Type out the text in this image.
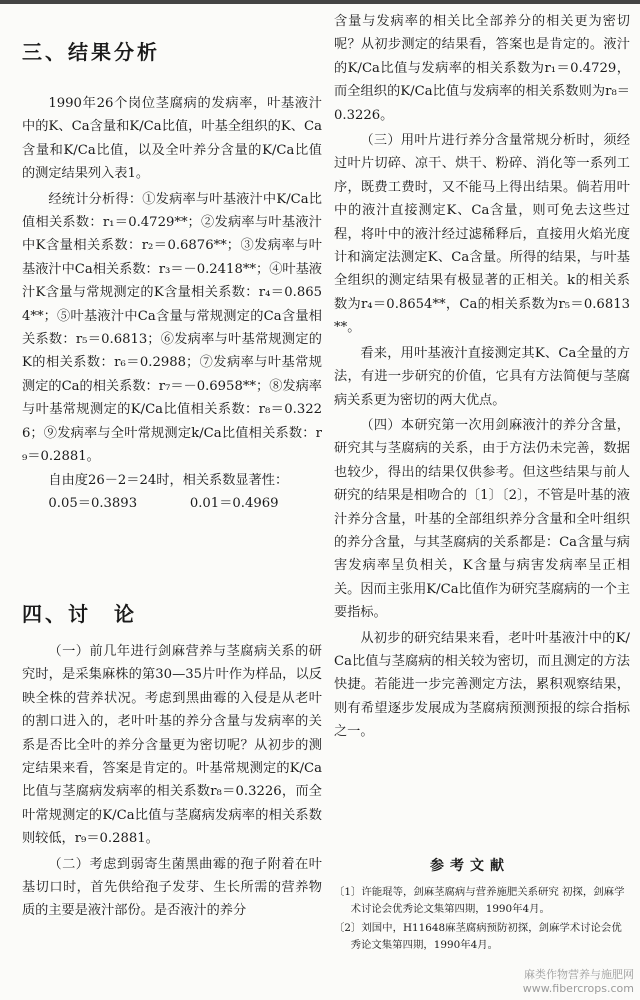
三、结果分析

1990年26个岗位茎腐病的发病率，叶基液汁中的K、Ca含量和K/Ca比值，叶基全组织的K、Ca含量和K/Ca比值，以及全叶养分含量的K/Ca比值的测定结果列入表1。

经统计分析得：①发病率与叶基液汁中K/Ca比值相关系数：r₁＝0.4729**；②发病率与叶基液汁中K含量相关系数：r₂＝0.6876**；③发病率与叶基液汁中Ca相关系数：r₃＝－0.2418**；④叶基液汁K含量与常规测定的K含量相关系数：r₄＝0.8654**；⑤叶基液汁中Ca含量与常规测定的Ca含量相关系数：r₅＝0.6813；⑥发病率与叶基常规测定的K的相关系数：r₆＝0.2988；⑦发病率与叶基常规测定的Ca的相关系数：r₇＝－0.6958**；⑧发病率与叶基常规测定的K/Ca比值相关系数：r₈＝0.3226；⑨发病率与全叶常规测定k/Ca比值相关系数：r₉＝0.2881。

自由度26－2＝24时，相关系数显著性：

0.05＝0.3893　　　　0.01＝0.4969

四、讨　论

（一）前几年进行剑麻营养与茎腐病关系的研究时，是采集麻株的第30—35片叶作为样品，以反映全株的营养状况。考虑到黑曲霉的入侵是从老叶的割口进入的，老叶叶基的养分含量与发病率的关系是否比全叶的养分含量更为密切呢？从初步的测定结果来看，答案是肯定的。叶基常规测定的K/Ca比值与茎腐病发病率的相关系数r₈＝0.3226，而全叶常规测定的K/Ca比值与茎腐病发病率的相关系数则较低，r₉＝0.2881。

（二）考虑到弱寄生菌黑曲霉的孢子附着在叶基切口时，首先供给孢子发芽、生长所需的营养物质的主要是液汁部份。是否液汁的养分

含量与发病率的相关比全部养分的相关更为密切呢？从初步测定的结果看，答案也是肯定的。液汁的K/Ca比值与发病率的相关系数为r₁＝0.4729，而全组织的K/Ca比值与发病率的相关系数则为r₈＝0.3226。

（三）用叶片进行养分含量常规分析时，须经过叶片切碎、凉干、烘干、粉碎、消化等一系列工序，既费工费时，又不能马上得出结果。倘若用叶中的液汁直接测定K、Ca含量，则可免去这些过程，将叶中的液汁经过滤稀释后，直接用火焰光度计和滴定法测定K、Ca含量。所得的结果，与叶基全组织的测定结果有极显著的正相关。k的相关系数为r₄＝0.8654**，Ca的相关系数为r₅＝0.6813**。

看来，用叶基液汁直接测定其K、Ca全量的方法，有进一步研究的价值，它具有方法简便与茎腐病关系更为密切的两大优点。

（四）本研究第一次用剑麻液汁的养分含量，研究其与茎腐病的关系，由于方法仍未完善，数据也较少，得出的结果仅供参考。但这些结果与前人研究的结果是相吻合的〔1〕〔2〕，不管是叶基的液汁养分含量，叶基的全部组织养分含量和全叶组织的养分含量，与其茎腐病的关系都是：Ca含量与病害发病率呈负相关，K含量与病害发病率呈正相关。因而主张用K/Ca比值作为研究茎腐病的一个主要指标。

从初步的研究结果来看，老叶叶基液汁中的K/Ca比值与茎腐病的相关较为密切，而且测定的方法快捷。若能进一步完善测定方法，累积观察结果，则有希望逐步发展成为茎腐病预测预报的综合指标之一。

参考文献

〔1〕许能琨等，剑麻茎腐病与营养施肥关系研究 初探，剑麻学术讨论会优秀论文集第四期，1990年4月。

〔2〕刘国中，H11648麻茎腐病预防初探，剑麻学术讨论会优秀论文集第四期，1990年4月。

麻类作物营养与施肥网
www.fibercrops.com
